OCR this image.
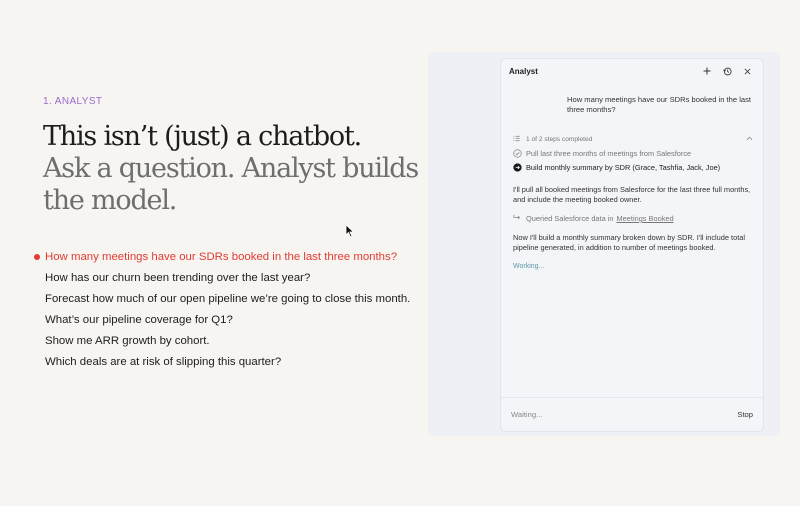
1. ANALYST
This isn’t (just) a chatbot.
Ask a question. Analyst builds the model.
How many meetings have our SDRs booked in the last three months?
How has our churn been trending over the last year?
Forecast how much of our open pipeline we’re going to close this month.
What’s our pipeline coverage for Q1?
Show me ARR growth by cohort.
Which deals are at risk of slipping this quarter?
Analyst
How many meetings have our SDRs booked in the last three months?
1 of 2 steps completed
Pull last three months of meetings from Salesforce
Build monthly summary by SDR (Grace, Tashfia, Jack, Joe)
I'll pull all booked meetings from Salesforce for the last three full months, and include the meeting booked owner.
Queried Salesforce data in Meetings Booked
Now I'll build a monthly summary broken down by SDR. I'll include total pipeline generated, in addition to number of meetings booked.
Working...
Waiting...	Stop
